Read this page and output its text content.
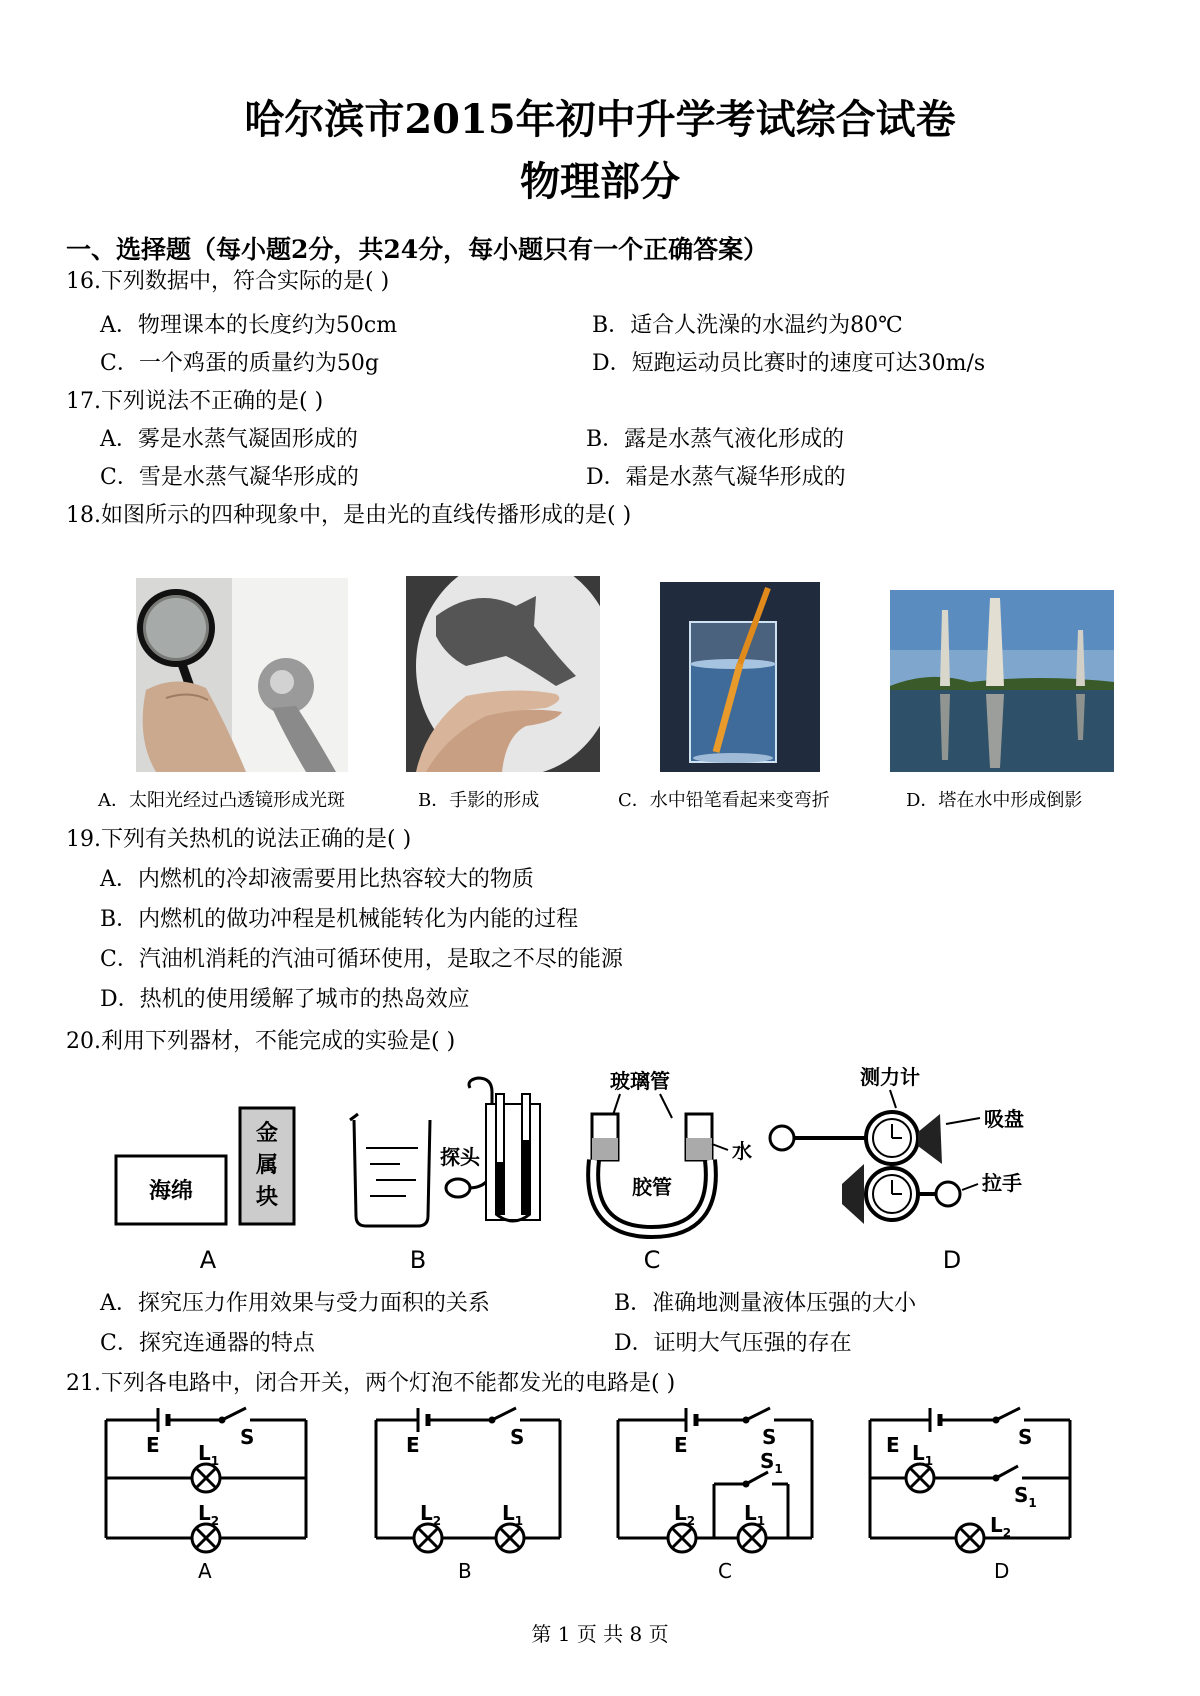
哈尔滨市2015年初中升学考试综合试卷
物理部分
一、选择题（每小题2分，共24分，每小题只有一个正确答案）
16.下列数据中，符合实际的是( )
A．物理课本的长度约为50cm	B．适合人洗澡的水温约为80℃
C．一个鸡蛋的质量约为50g	D．短跑运动员比赛时的速度可达30m/s
17.下列说法不正确的是( )
A．雾是水蒸气凝固形成的	B．露是水蒸气液化形成的
C．雪是水蒸气凝华形成的	D．霜是水蒸气凝华形成的
18.如图所示的四种现象中，是由光的直线传播形成的是( )
A．太阳光经过凸透镜形成光斑	B．手影的形成	C．水中铅笔看起来变弯折	D．塔在水中形成倒影
19.下列有关热机的说法正确的是( )
A．内燃机的冷却液需要用比热容较大的物质
B．内燃机的做功冲程是机械能转化为内能的过程
C．汽油机消耗的汽油可循环使用，是取之不尽的能源
D．热机的使用缓解了城市的热岛效应
20.利用下列器材，不能完成的实验是( )
海绵
金
属
块
A
探头
B
玻璃管
胶管
水
C
测力计
吸盘
拉手
D
A．探究压力作用效果与受力面积的关系	B．准确地测量液体压强的大小
C．探究连通器的特点	D．证明大气压强的存在
21.下列各电路中，闭合开关，两个灯泡不能都发光的电路是( )
E	S
$L_1$
$L_2$
A
E	S
$L_2$	$L_1$
B
E	S
$S_1$
$L_2$ $L_1$
C
E	S
$L_1$
$S_1$
$L_2$
D
第 1 页 共 8 页
